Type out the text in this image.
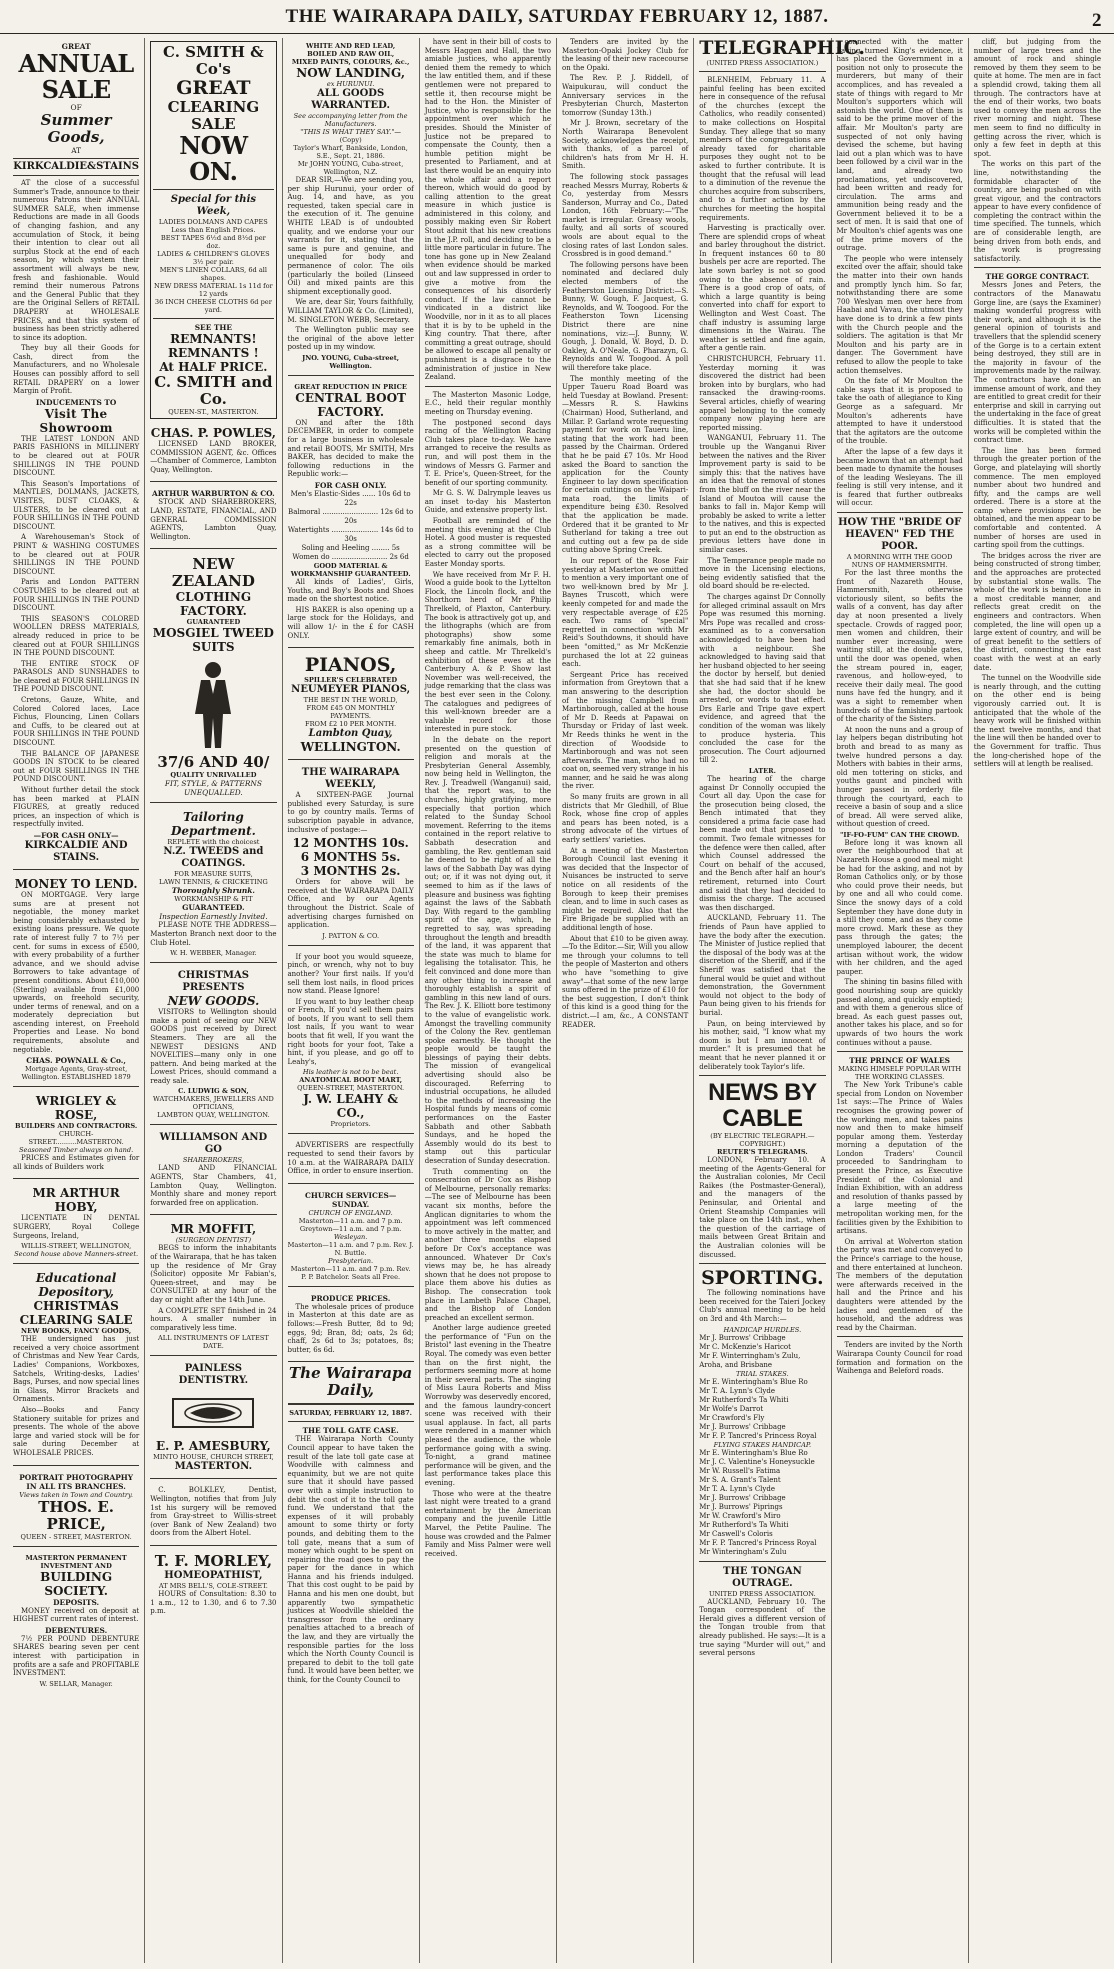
THE WAIRARAPA DAILY, SATURDAY FEBRUARY 12, 1887.	2
GREAT
ANNUAL SALE
OF
Summer Goods,
AT
KIRKCALDIE&STAINS

AT the close of a successful Summer's Trade, announce to their numerous Patrons their ANNUAL SUMMER SALE, when immense Reductions are made in all Goods of changing fashion, and any accumulation of Stock, it being their intention to clear out all surplus Stock at the end of each season, by which system their assortment will always be new, fresh and fashionable. Would remind their numerous Patrons and the General Public that they are the Original Sellers of RETAIL DRAPERY at WHOLESALE PRICES, and that this system of business has been strictly adhered to since its adoption.

They buy all their Goods for Cash, direct from the Manufacturers, and no Wholesale Houses can possibly afford to sell RETAIL DRAPERY on a lower Margin of Profit.

INDUCEMENTS TO
Visit The Showroom

THE LATEST LONDON AND PARIS FASHIONS in MILLINERY to be cleared out at FOUR SHILLINGS IN THE POUND DISCOUNT.

This Season's Importations of MANTLES, DOLMANS, JACKETS, VISITES, DUST CLOAKS, & ULSTERS, to be cleared out at FOUR SHILLINGS IN THE POUND DISCOUNT.

A Warehouseman's Stock of PRINT & WASHING COSTUMES to be cleared out at FOUR SHILLINGS IN THE POUND DISCOUNT.

Paris and London PATTERN COSTUMES to be cleared out at FOUR SHILLINGS IN THE POUND DISCOUNT.

THIS SEASON'S COLORED WOOLLEN DRESS MATERIALS, already reduced in price to be cleared out at FOUR SHILLINGS IN THE POUND DISCOUNT.

THE ENTIRE STOCK OF PARASOLS AND SUNSHADES to be cleared at FOUR SHILLINGS IN THE POUND DISCOUNT.

Cretons, Gauze, White, and Colored Colored laces, Lace Fichus, Flouncing, Linen Collars and Cuffs, to be cleared out at FOUR SHILLINGS IN THE POUND DISCOUNT.

THE BALANCE OF JAPANESE GOODS IN STOCK to be cleared out at FOUR SHILLINGS IN THE POUND DISCOUNT.

Without further detail the stock has been marked at PLAIN FIGURES, at greatly reduced prices, an inspection of which is respectfully invited.

—FOR CASH ONLY—
KIRKCALDIE AND STAINS.
MONEY TO LEND.

ON MORTGAGE. Very large sums are at present not negotiable, the money market being considerably exhausted by existing loans pressure. We quote rate of interest fully 7 to 7½ per cent. for sums in excess of £500, with every probability of a further advance, and we should advise Borrowers to take advantage of present conditions. About £10,000 (Sterling) available from £1,000 upwards, on freehold security, under terms of renewal, and on a moderately depreciation but ascending interest, on Freehold Properties and Lease. No bond requirements, absolute and negotiable.

CHAS. POWNALL & Co.,
Mortgage Agents, Gray-street, Wellington. ESTABLISHED 1879
WRIGLEY & ROSE,
BUILDERS AND CONTRACTORS.
CHURCH-STREET..........MASTERTON.
Seasoned Timber always on hand.

PRICES and Estimates given for all kinds of Builders work

MR ARTHUR HOBY,

LICENTIATE IN DENTAL SURGERY, Royal College Surgeons, Ireland,

WILLIS-STREET, WELLINGTON,
Second house above Manners-street.
Educational Depository,
CHRISTMAS CLEARING SALE
NEW BOOKS, FANCY GOODS,

THE undersigned has just received a very choice assortment of Christmas and New Year Cards, Ladies' Companions, Workboxes, Satchels, Writing-desks, Ladies' Bags, Purses, and now special lines in Glass, Mirror Brackets and Ornaments.

Also—Books and Fancy Stationery suitable for prizes and presents. The whole of the above large and varied stock will be for sale during December at WHOLESALE PRICES.

PORTRAIT PHOTOGRAPHY IN ALL ITS BRANCHES.
Views taken in Town and Country.
THOS. E. PRICE,
QUEEN - STREET, MASTERTON.
MASTERTON PERMANENT INVESTMENT AND
BUILDING SOCIETY.
DEPOSITS.

MONEY received on deposit at HIGHEST current rates of interest.

DEBENTURES.

7½ PER POUND DEBENTURE SHARES bearing seven per cent interest with participation in profits are a safe and PROFITABLE INVESTMENT.

W. SELLAR, Manager.
C. SMITH & Co's
GREAT
CLEARING SALE
NOW ON.
Special for this Week,
LADIES DOLMANS AND CAPES Less than English Prices.
BEST TAPES 6½d and 8½d per doz.
LADIES & CHILDREN'S GLOVES 3½ per pair.
MEN'S LINEN COLLARS, 6d all shapes.
NEW DRESS MATERIAL 1s 11d for 12 yards
36 INCH CHEESE CLOTHS 6d per yard.
SEE THE
REMNANTS!
REMNANTS !
At HALF PRICE.
C. SMITH and Co.
QUEEN-ST., MASTERTON.
CHAS. P. POWLES,

LICENSED LAND BROKER, COMMISSION AGENT, &c. Offices—Chamber of Commerce, Lambton Quay, Wellington.

ARTHUR WARBURTON & CO.

STOCK AND SHAREBROKERS, LAND, ESTATE, FINANCIAL, AND GENERAL COMMISSION AGENTS, Lambton Quay, Wellington.

NEW ZEALAND
CLOTHING FACTORY.
GUARANTEED
MOSGIEL TWEED
SUITS
37/6 AND 40/
QUALITY UNRIVALLED
FIT, STYLE, & PATTERNS UNEQUALLED.
Tailoring Department.
REPLETE with the choicest
N.Z. TWEEDS and
COATINGS.
FOR MEASURE SUITS,
LAWN TENNIS, & CRICKETING
Thoroughly Shrunk.
WORKMANSHIP & FIT
GUARANTEED.
Inspection Earnestly Invited.

PLEASE NOTE THE ADDRESS—Masterton Branch next door to the Club Hotel.

W. H. WEBBER, Manager.
CHRISTMAS PRESENTS
NEW GOODS.

VISITORS to Wellington should make a point of seeing our NEW GOODS just received by Direct Steamers. They are all the NEWEST DESIGNS AND NOVELTIES—many only in one pattern. And being marked at the Lowest Prices, should command a ready sale.

C. LUDWIG & SON,
WATCHMAKERS, JEWELLERS AND OPTICIANS,
LAMBTON QUAY, WELLINGTON.
WILLIAMSON AND GO
SHAREBROKERS,

LAND AND FINANCIAL AGENTS, Star Chambers, 41, Lambton Quay, Wellington. Monthly share and money report forwarded free on application.

MR MOFFIT,
(SURGEON DENTIST)

BEGS to inform the inhabitants of the Wairarapa, that he has taken up the residence of Mr Gray (Solicitor) opposite Mr Fabian's, Queen-street, and may be CONSULTED at any hour of the day or night after the 14th June.

A COMPLETE SET finished in 24 hours. A smaller number in comparatively less time.

ALL INSTRUMENTS OF LATEST DATE.
PAINLESS DENTISTRY.
E. P. AMESBURY,
MINTO HOUSE, CHURCH STREET,
MASTERTON.

C. BOLKLEY, Dentist, Wellington, notifies that from July 1st his surgery will be removed from Gray-street to Willis-street (over Bank of New Zealand) two doors from the Albert Hotel.

T. F. MORLEY,
HOMEOPATHIST,
AT MRS BELL'S, COLE-STREET.

HOURS of Consultation: 8.30 to 1 a.m., 12 to 1.30, and 6 to 7.30 p.m.

WHITE AND RED LEAD,
BOILED AND RAW OIL,
MIXED PAINTS, COLOURS, &c.,
NOW LANDING,
ex HURUNUI.
ALL GOODS WARRANTED.
See accompanying letter from the Manufacturers.
"THIS IS WHAT THEY SAY."—
(Copy)
Taylor's Wharf, Bankside, London, S.E., Sept. 21, 1886.
Mr JOHN YOUNG, Cuba-street, Wellington, N.Z.

DEAR SIR,—We are sending you, per ship Hurunui, your order of Aug. 14, and have, as you requested, taken special care in the execution of it. The genuine WHITE LEAD is of undoubted quality, and we endorse your our warrants for it, stating that the same is pure and genuine, and unequalled for body and permanence of color. The oils (particularly the boiled (Linseed Oil) and mixed paints are this shipment exceptionally good.

We are, dear Sir, Yours faithfully, WILLIAM TAYLOR & Co. (Limited), M. SINGLETON WEBB, Secretary.

The Wellington public may see the original of the above letter posted up in my window.

JNO. YOUNG, Cuba-street, Wellington.
GREAT REDUCTION IN PRICE
CENTRAL BOOT FACTORY.

ON and after the 18th DECEMBER, in order to compete for a large business in wholesale and retail BOOTS, Mr SMITH, Mrs BAKER, has decided to make the following reductions in the Republic work:—

FOR CASH ONLY.
Men's Elastic-Sides ...... 10s 6d to 22s
Balmoral ......................... 12s 6d to 20s
Watertights ..................... 14s 6d to 30s
Soling and Heeling ........ 5s
Women do ......................... 2s 6d
GOOD MATERIAL & WORKMANSHIP GUARANTEED.

All kinds of Ladies', Girls, Youths, and Boy's Boots and Shoes made on the shortest notice.

HIS BAKER is also opening up a large stock for the Holidays, and will allow 1/- in the £ for CASH ONLY.

PIANOS,
SPILLER'S CELEBRATED
NEUMEYER PIANOS,
THE BEST IN THE WORLD,
FROM £45 ON MONTHLY PAYMENTS.
FROM £2 10 PER MONTH.
Lambton Quay,
WELLINGTON.
THE WAIRARAPA WEEKLY,

A SIXTEEN-PAGE Journal published every Saturday, is sure to go by country mails. Terms of subscription payable in advance, inclusive of postage:—

12 MONTHS 10s.
6 MONTHS 5s.
3 MONTHS 2s.

Orders for above will be received at the WAIRARAPA DAILY Office, and by our Agents throughout the District. Scale of advertising charges furnished on application.

J. PATTON & CO.

If your boot you would squeeze, pinch, or wrench, why not to buy another? Your first nails. If you'd sell them lost nails, in flood prices now stand. Please Ignore!

If you want to buy leather cheap or French, If you'd sell them pairs of boots, If you want to sell them lost nails, If you want to wear boots that fit well, If you want the right boots for your foot, Take a hint, if you please, and go off to Leahy's,

His leather is not to be beat.
ANATOMICAL BOOT MART,
QUEEN-STREET, MASTERTON.
J. W. LEAHY & CO.,
Proprietors.

ADVERTISERS are respectfully requested to send their favors by 10 a.m. at the WAIRARAPA DAILY Office, in order to ensure insertion.

CHURCH SERVICES—SUNDAY.
CHURCH OF ENGLAND.
Masterton—11 a.m. and 7 p.m.
Greytown—11 a.m. and 7 p.m.
Wesleyan.
Masterton—11 a.m. and 7 p.m. Rev. J. N. Buttle.
Presbyterian.
Masterton—11 a.m. and 7 p.m. Rev. P. P. Batchelor. Seats all Free.
PRODUCE PRICES.

The wholesale prices of produce in Masterton at this date are as follows:—Fresh Butter, 8d to 9d; eggs, 9d; Bran, 8d; oats, 2s 6d; chaff, 2s 6d to 3s; potatoes, 8s; butter, 6s 6d.

The Wairarapa Daily,
SATURDAY, FEBRUARY 12, 1887.
THE TOLL GATE CASE.

THE Wairarapa North County Council appear to have taken the result of the late toll gate case at Woodville with calmness and equanimity, but we are not quite sure that it should have passed over with a simple instruction to debit the cost of it to the toll gate fund. We understand that the expenses of it will probably amount to some thirty or forty pounds, and debiting them to the toll gate, means that a sum of money which ought to be spent on repairing the road goes to pay the paper for the dance in which Hanna and his friends indulged. That this cost ought to be paid by Hanna and his men one doubt, but apparently two sympathetic justices at Woodville shielded the transgressor from the ordinary penalties attached to a breach of the law, and they are virtually the responsible parties for the loss which the North County Council is prepared to debit to the toll gate fund. It would have been better, we think, for the County Council to

have sent in their bill of costs to Messrs Haggen and Hall, the two amiable justices, who apparently denied them the remedy to which the law entitled them, and if these gentlemen were not prepared to settle it, then recourse might be had to the Hon. the Minister of Justice, who is responsible for the appointment over which he presides. Should the Minister of Justice not be prepared to compensate the County, then a humble petition might be presented to Parliament, and at last there would be an enquiry into the whole affair and a report thereon, which would do good by calling attention to the great measure in which justice is administered in this colony, and possibly making even Sir Robert Stout admit that his new creations in the J.P. roll, and deciding to be a little more particular in future. The tone has gone up in New Zealand when evidence should be marked out and law suppressed in order to give a motive from the consequences of his disorderly conduct. If the law cannot be vindicated in a district like Woodville, nor in it as to all places that it is by to be upheld in the King country. That there, after committing a great outrage, should be allowed to escape all penalty or punishment is a disgrace to the administration of justice in New Zealand.

The Masterton Masonic Lodge, E.C., held their regular monthly meeting on Thursday evening.

The postponed second days racing of the Wellington Racing Club takes place to-day. We have arranged to receive the results as run, and will post them in the windows of Messrs G. Farmer and T. E. Price's, Queen-Street, for the benefit of our sporting community.

Mr G. S. W. Dalrymple leaves us an inset to-day his Masterton Guide, and extensive property list.

Football are reminded of the meeting this evening at the Club Hotel. A good muster is requested as a strong committee will be elected to carry out the proposed Easter Monday sports.

We have received from Mr F. H. Wood a guide book to the Lyttelton Flock, the Lincoln flock, and the Shorthorn herd of Mr Philip Threlkeld, of Plaxton, Canterbury. The book is attractively got up, and the lithographs (which are from photographs) show some remarkably fine animals, both in sheep and cattle. Mr Threlkeld's exhibition of these ewes at the Canterbury A. & P. Show last November was well-received, the judge remarking that the class was the best ever seen in the Colony. The catalogues and pedigrees of this well-known breeder are a valuable record for those interested in pure stock.

In the debate on the report presented on the question of religion and morals at the Presbyterian General Assembly, now being held in Wellington, the Rev. J. Treadwell (Wanganui) said, that the report was, to the churches, highly gratifying, more especially that portion which related to the Sunday School movement. Referring to the items contained in the report relative to Sabbath desecration and gambling, the Rev. gentleman said he deemed to be right of all the laws of the Sabbath Day was dying out; or, if it was not dying out, it seemed to him as if the laws of pleasure and business was fighting against the laws of the Sabbath Day. With regard to the gambling spirit of the age, which, he regretted to say, was spreading throughout the length and breadth of the land, it was apparent that the state was much to blame for legalising the totalisator. This, he felt convinced and done more than any other thing to increase and thoroughly establish a spirit of gambling in this new land of ours. The Rev. J. K. Elliott bore testimony to the value of evangelistic work. Amongst the travelling community of the Colony the Rev. gentleman spoke earnestly. He thought the people would be taught the blessings of paying their debts. The mission of evangelical advertising should also be discouraged. Referring to industrial occupations, he alluded to the methods of increasing the Hospital funds by means of comic performances on the Easter Sabbath and other Sabbath Sundays, and he hoped the Assembly would do its best to stamp out this particular desecration of Sunday desecration.

Truth commenting on the consecration of Dr Cox as Bishop of Melbourne, personally remarks:—The see of Melbourne has been vacant six months, before the Anglican dignitaries to whom the appointment was left commenced to move actively in the matter, and another three months elapsed before Dr Cox's acceptance was announced. Whatever Dr Cox's views may be, he has already shown that he does not propose to place them above his duties as Bishop. The consecration took place in Lambeth Palace Chapel, and the Bishop of London preached an excellent sermon.

Another large audience greeted the performance of "Fun on the Bristol" last evening in the Theatre Royal. The comedy was even better than on the first night, the performers seeming more at home in their several parts. The singing of Miss Laura Roberts and Miss Worrowby was deservedly encored, and the famous laundry-concert scene was received with their usual applause. In fact, all parts were rendered in a manner which pleased the audience, the whole performance going with a swing. To-night, a grand matinee performance will be given, and the last performance takes place this evening.

Those who were at the theatre last night were treated to a grand entertainment by the American company and the juvenile Little Marvel, the Petite Pauline. The house was crowded and the Palmer Family and Miss Palmer were well received.

Tenders are invited by the Masterton-Opaki Jockey Club for the leasing of their new racecourse on the Opaki.

The Rev. P. J. Riddell, of Waipukurau, will conduct the Anniversary services in the Presbyterian Church, Masterton tomorrow (Sunday 13th.)

Mr J. Brown, secretary of the North Wairarapa Benevolent Society, acknowledges the receipt, with thanks, of a parcel of children's hats from Mr H. H. Smith.

The following stock passages reached Messrs Murray, Roberts & Co, yesterday from Messrs Sanderson, Murray and Co., Dated London, 16th February:—"The market is irregular. Greasy wools, faulty, and all sorts of scoured wools are about equal to the closing rates of last London sales. Crossbred is in good demand."

The following persons have been nominated and declared duly elected members of the Featherston Licensing District:—S. Bunny, W. Gough, F. Jacquest, G. Reynolds, and W. Toogood. For the Featherston Town Licensing District there are nine nominations, viz:—J. Bunny, W. Gough, J. Donald, W. Boyd, D. D. Oakley, A. O'Neale, G. Pharazyn, G. Reynolds and W. Toogood. A poll will therefore take place.

The monthly meeting of the Upper Taueru Road Board was held Tuesday at Bowland. Present:—Messrs R. S. Hawkins (Chairman) Hood, Sutherland, and Millar. P. Garland wrote requesting payment for work on Taueru line, stating that the work had been passed by the Chairman. Ordered that he be paid £7 10s. Mr Hood asked the Board to sanction the application for the County Engineer to lay down specification for certain cuttings on the Waipari-mata road, the limits of expenditure being £30. Resolved that the application be made. Ordered that it be granted to Mr Sutherland for taking a tree out and cutting out a few pa de side cutting above Spring Creek.

In our report of the Rose Fair yesterday at Masterton we omitted to mention a very important one of two well-known bred by Mr J. Baynes Truscott, which were keenly competed for and made the very respectable average of £25 each. Two rams of "special" regretted in connection with Mr Reid's Southdowns, it should have been "omitted," as Mr McKenzie purchased the lot at 22 guineas each.

Sergeant Price has received information from Greytown that a man answering to the description of the missing Campbell from Martinborough, called at the house of Mr D. Reeds at Papawai on Thursday or Friday of last week. Mr Reeds thinks he went in the direction of Woodside to Martinborough and was not seen afterwards. The man, who had no coat on, seemed very strange in his manner, and he said he was along the river.

So many fruits are grown in all districts that Mr Gledhill, of Blue Rock, whose fine crop of apples and pears has been noted, is a strong advocate of the virtues of early settlers' varieties.

At a meeting of the Masterton Borough Council last evening it was decided that the Inspector of Nuisances be instructed to serve notice on all residents of the Borough to keep their premises clean, and to lime in such cases as might be required. Also that the Fire Brigade be supplied with an additional length of hose.

About that £10 to be given away.—To the Editor.—Sir, Will you allow me through your columns to tell the people of Masterton and others who have "something to give away"—that some of the new large sums offered in the prize of £10 for the best suggestion, I don't think of this kind is a good thing for the district.—I am, &c., A CONSTANT READER.

TELEGRAPHIC.
(UNITED PRESS ASSOCIATION.)

BLENHEIM, February 11. A painful feeling has been excited here in consequence of the refusal of the churches (except the Catholics, who readily consented) to make collections on Hospital Sunday. They allege that so many members of the congregations are already taxed for charitable purposes they ought not to be asked to further contribute. It is thought that the refusal will lead to a diminution of the revenue the churches acquire from subscribers, and to a further action by the churches for meeting the hospital requirements.

Harvesting is practically over. There are splendid crops of wheat and barley throughout the district. In frequent instances 60 to 80 bushels per acre are reported. The late sown barley is not so good owing to the absence of rain. There is a good crop of oats, of which a large quantity is being converted into chaff for export to Wellington and West Coast. The chaff industry is assuming large dimensions in the Wairau. The weather is settled and fine again, after a gentle rain.

CHRISTCHURCH, February 11. Yesterday morning it was discovered the district had been broken into by burglars, who had ransacked the drawing-rooms. Several articles, chiefly of wearing apparel belonging to the comedy company now playing here are reported missing.

WANGANUI, February 11. The trouble up the Wanganui River between the natives and the River Improvement party is said to be simply this: that the natives have an idea that the removal of stones from the bluff on the river near the Island of Moutoa will cause the banks to fall in. Major Kemp will probably be asked to write a letter to the natives, and this is expected to put an end to the obstruction as previous letters have done in similar cases.

The Temperance people made no move in the Licensing elections, being evidently satisfied that the old board should be re-elected.

The charges against Dr Connolly for alleged criminal assault on Mrs Pope was resumed this morning. Mrs Pope was recalled and cross-examined as to a conversation acknowledged to have been had with a neighbour. She acknowledged to having said that her husband objected to her seeing the doctor by herself, but denied that she had said that if he knew she had, the doctor should be arrested, or words to that effect. Drs Earle and Tripe gave expert evidence, and agreed that the condition of the woman was likely to produce hysteria. This concluded the case for the prosecution. The Court adjourned till 2.

LATER.

The hearing of the charge against Dr Connolly occupied the Court all day. Upon the case for the prosecution being closed, the Bench intimated that they considered a prima facie case had been made out that proposed to commit. Two female witnesses for the defence were then called, after which Counsel addressed the Court on behalf of the accused, and the Bench after half an hour's retirement, returned into Court and said that they had decided to dismiss the charge. The accused was then discharged.

AUCKLAND, February 11. The friends of Paun have applied to have the body after the execution. The Minister of Justice replied that the disposal of the body was at the discretion of the Sheriff, and if the Sheriff was satisfied that the funeral would be quiet and without demonstration, the Government would not object to the body of Paun being given to his friends for burial.

Paun, on being interviewed by his mother, said, "I know what my doom is but I am innocent of murder." It is presumed that he meant that he never planned it or deliberately took Taylor's life.

NEWS BY CABLE
(BY ELECTRIC TELEGRAPH.—COPYRIGHT.)
REUTER'S TELEGRAMS.

LONDON, February 10. A meeting of the Agents-General for the Australian colonies, Mr Cecil Raikes (the Postmaster-General), and the managers of the Peninsular, and Oriental and Orient Steamship Companies will take place on the 14th inst., when the question of the carriage of mails between Great Britain and the Australian colonies will be discussed.

SPORTING.

The following nominations have been received for the Taieri Jockey Club's annual meeting to be held on 3rd and 4th March:—

HANDICAP HURDLES.
Mr J. Burrows' Cribbage
Mr C. McKenzie's Haricot
Mr F. Winterringham's Zulu, Aroha, and Brisbane
TRIAL STAKES.
Mr E. Winteringham's Blue Ro
Mr T. A. Lynn's Clyde
Mr Rutherford's Ta Whiti
Mr Wolfe's Darrot
Mr Crawford's Fly
Mr J. Burrows' Cribbage
Mr F. P. Tancred's Princess Royal
FLYING STAKES HANDICAP.
Mr E. Winteringham's Blue Ro
Mr J. C. Valentine's Honeysuckle
Mr W. Russell's Fatima
Mr S. A. Grant's Talent
Mr T. A. Lynn's Clyde
Mr J. Burrows' Cribbage
Mr J. Burrows' Piprings
Mr W. Crawford's Miro
Mr Rutherford's Ta Whiti
Mr Caswell's Coloris
Mr F. P. Tancred's Princess Royal
Mr Winteringham's Zulu
THE TONGAN OUTRAGE.
UNITED PRESS ASSOCIATION.

AUCKLAND, February 10. The Tongan correspondent of the Herald gives a different version of the Tongan trouble from that already published. He says:—It is a true saying "Murder will out," and several persons

connected with the matter having turned King's evidence, it has placed the Government in a position not only to prosecute the murderers, but many of their accomplices, and has revealed a state of things with regard to Mr Moulton's supporters which will astonish the world. One of them is said to be the prime mover of the affair. Mr Moulton's party are suspected of not only having devised the scheme, but having laid out a plan which was to have been followed by a civil war in the land, and already two proclamations, yet undiscovered, had been written and ready for circulation. The arms and ammunition being ready and the Government believed it to be a sect of men. It is said that one of Mr Moulton's chief agents was one of the prime movers of the outrage.

The people who were intensely excited over the affair, should take the matter into their own hands and promptly lynch him. So far, notwithstanding there are some 700 Weslyan men over here from Haabai and Vavau, the utmost they have done is to drink a few pints with the Church people and the soldiers. The agitation is that Mr Moulton and his party are in danger. The Government have refused to allow the people to take action themselves.

On the fate of Mr Moulton the cable says that it is proposed to take the oath of allegiance to King George as a safeguard. Mr Moulton's adherents have attempted to have it understood that the agitators are the outcome of the trouble.

After the lapse of a few days it became known that an attempt had been made to dynamite the houses of the leading Wesleyans. The ill feeling is still very intense, and it is feared that further outbreaks will occur.

HOW THE "BRIDE OF HEAVEN" FED THE POOR.
A MORNING WITH THE GOOD NUNS OF HAMMERSMITH.

For the last three months the front of Nazareth House, Hammersmith, otherwise victoriously silent, so befits the walls of a convent, has day after day at noon presented a lively spectacle. Crowds of ragged poor, men women and children, their number ever increasing, were waiting still, at the double gates, until the door was opened, when the stream poured in, eager, ravenous, and hollow-eyed, to receive their daily meal. The good nuns have fed the hungry, and it was a sight to remember when hundreds of the famishing partook of the charity of the Sisters.

At noon the nuns and a group of lay helpers began distributing hot broth and bread to as many as twelve hundred persons a day. Mothers with babies in their arms, old men tottering on sticks, and youths gaunt and pinched with hunger passed in orderly file through the courtyard, each to receive a basin of soup and a slice of bread. All were served alike, without question of creed.

"IF-FO-FUM" CAN THE CROWD.

Before long it was known all over the neighbourhood that at Nazareth House a good meal might be had for the asking, and not by Roman Catholics only, or by those who could prove their needs, but by one and all who could come. Since the snowy days of a cold September they have done duty in a still they come, and as they come more crowd. Mark these as they pass through the gates; the unemployed labourer, the decent artisan without work, the widow with her children, and the aged pauper.

The shining tin basins filled with good nourishing soup are quickly passed along, and quickly emptied; and with them a generous slice of bread. As each guest passes out, another takes his place, and so for upwards of two hours the work continues without a pause.

THE PRINCE OF WALES
MAKING HIMSELF POPULAR WITH THE WORKING CLASSES.

The New York Tribune's cable special from London on November 1st says:—The Prince of Wales recognises the growing power of the working men, and takes pains now and then to make himself popular among them. Yesterday morning a deputation of the London Traders' Council proceeded to Sandringham to present the Prince, as Executive President of the Colonial and Indian Exhibition, with an address and resolution of thanks passed by a large meeting of the metropolitan working men, for the facilities given by the Exhibition to artisans.

On arrival at Wolverton station the party was met and conveyed to the Prince's carriage to the house, and there entertained at luncheon. The members of the deputation were afterwards received in the hall and the Prince and his daughters were attended by the ladies and gentlemen of the household, and the address was read by the Chairman.

Tenders are invited by the North Wairarapa County Council for road formation and formation on the Waihenga and Beleford roads.

cliff, but judging from the number of large trees and the amount of rock and shingle removed by them they seem to be quite at home. The men are in fact a splendid crowd, taking them all through. The contractors have at the end of their works, two boats used to convey the men across the river morning and night. These men seem to find no difficulty in getting across the river, which is only a few feet in depth at this spot.

The works on this part of the line, notwithstanding the formidable character of the country, are being pushed on with great vigour, and the contractors appear to have every confidence of completing the contract within the time specified. The tunnels, which are of considerable length, are being driven from both ends, and the work is progressing satisfactorily.

THE GORGE CONTRACT.

Messrs Jones and Peters, the contractors of the Manawatu Gorge line, are (says the Examiner) making wonderful progress with their work, and although it is the general opinion of tourists and travellers that the splendid scenery of the Gorge is to a certain extent being destroyed, they still are in the majority in favour of the improvements made by the railway. The contractors have done an immense amount of work, and they are entitled to great credit for their enterprise and skill in carrying out the undertaking in the face of great difficulties. It is stated that the works will be completed within the contract time.

The line has been formed through the greater portion of the Gorge, and platelaying will shortly commence. The men employed number about two hundred and fifty, and the camps are well ordered. There is a store at the camp where provisions can be obtained, and the men appear to be comfortable and contented. A number of horses are used in carting spoil from the cuttings.

The bridges across the river are being constructed of strong timber, and the approaches are protected by substantial stone walls. The whole of the work is being done in a most creditable manner, and reflects great credit on the engineers and contractors. When completed, the line will open up a large extent of country, and will be of great benefit to the settlers of the district, connecting the east coast with the west at an early date.

The tunnel on the Woodville side is nearly through, and the cutting on the other end is being vigorously carried out. It is anticipated that the whole of the heavy work will be finished within the next twelve months, and that the line will then be handed over to the Government for traffic. Thus the long-cherished hope of the settlers will at length be realised.
